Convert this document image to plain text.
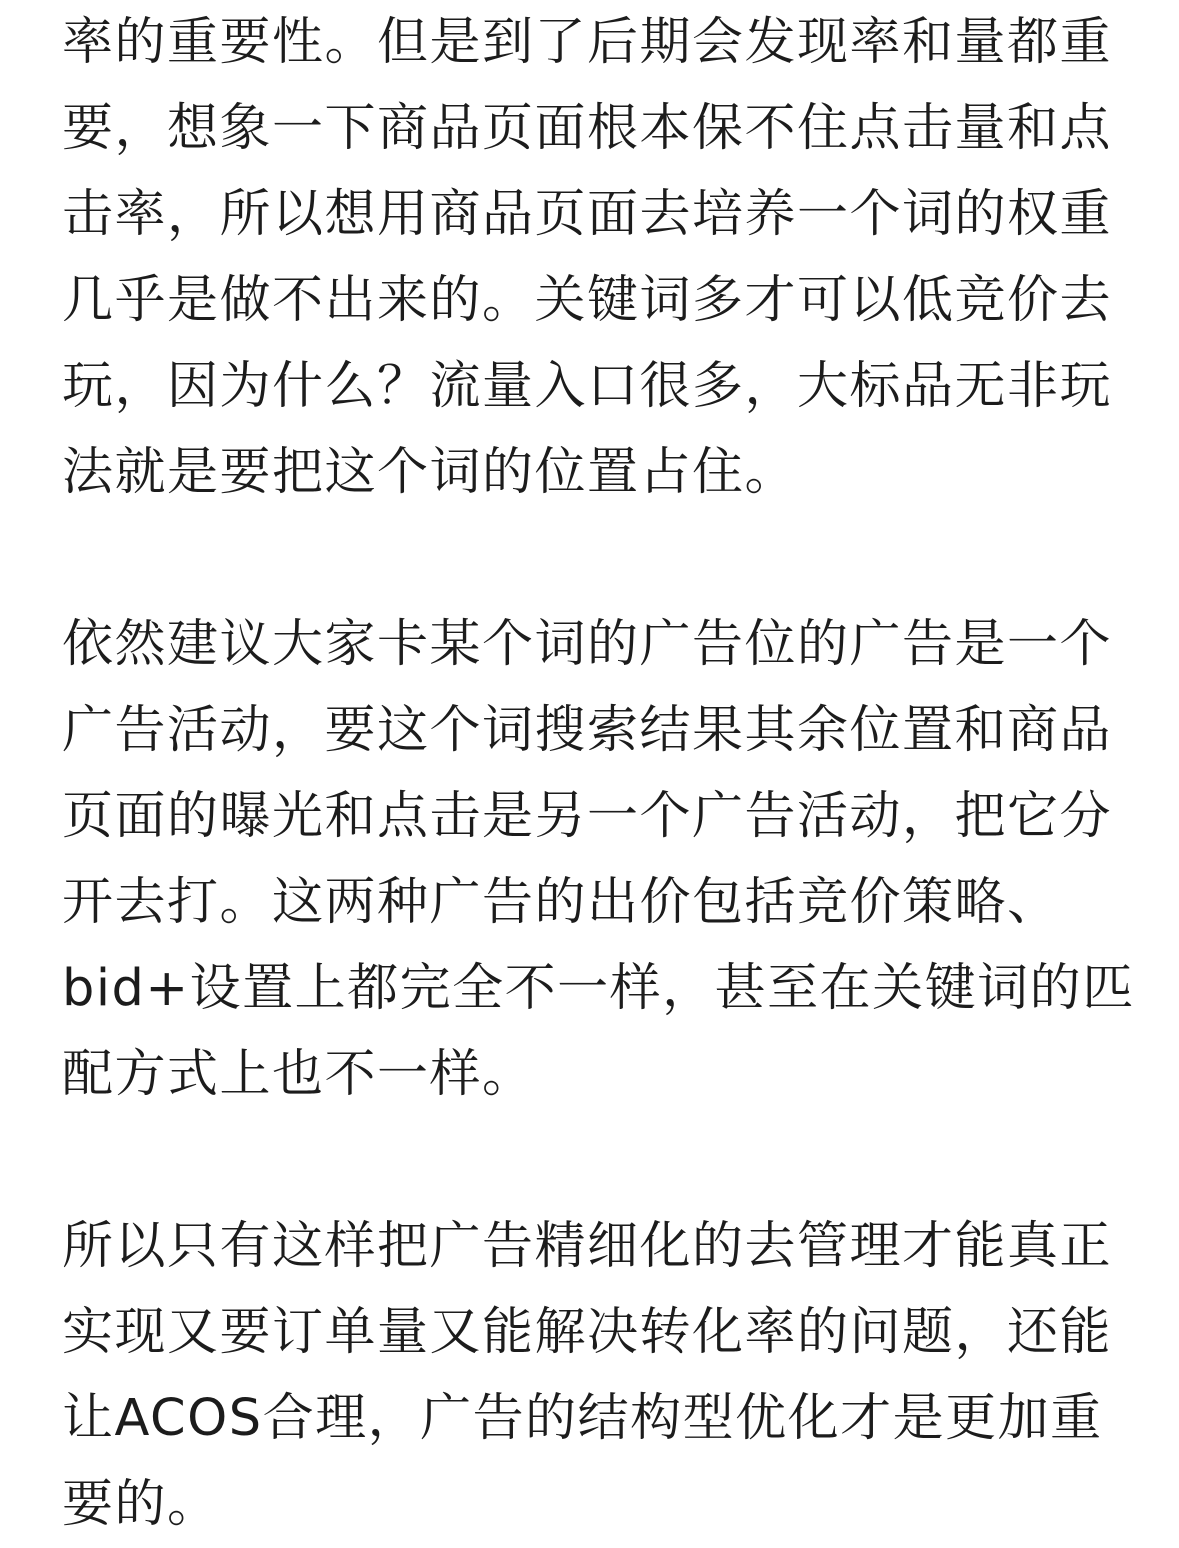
率的重要性。但是到了后期会发现率和量都重
要，想象一下商品页面根本保不住点击量和点
击率，所以想用商品页面去培养一个词的权重
几乎是做不出来的。关键词多才可以低竞价去
玩，因为什么？流量入口很多，大标品无非玩
法就是要把这个词的位置占住。

依然建议大家卡某个词的广告位的广告是一个
广告活动，要这个词搜索结果其余位置和商品
页面的曝光和点击是另一个广告活动，把它分
开去打。这两种广告的出价包括竞价策略、
bid+设置上都完全不一样，甚至在关键词的匹
配方式上也不一样。

所以只有这样把广告精细化的去管理才能真正
实现又要订单量又能解决转化率的问题，还能
让ACOS合理，广告的结构型优化才是更加重
要的。
